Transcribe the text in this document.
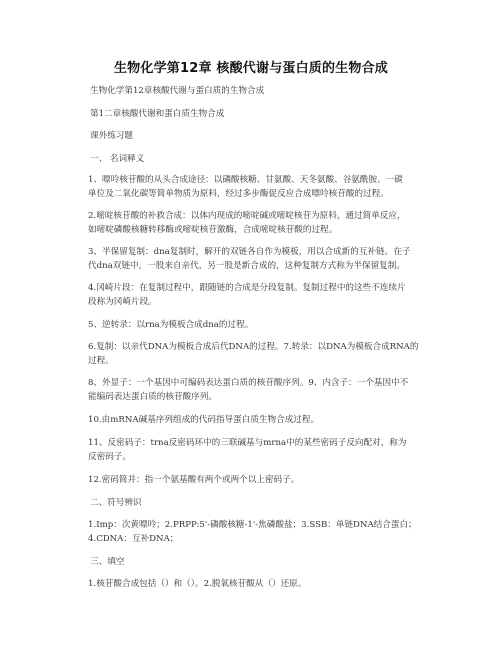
生物化学第12章 核酸代谢与蛋白质的生物合成

生物化学第12章核酸代谢与蛋白质的生物合成

第1二章核酸代谢和蛋白质生物合成

课外练习题

一、 名词释义

1、嘌呤核苷酸的从头合成途径：以磷酸核糖、甘氨酸、天冬氨酸、谷氨酰胺、一碳

单位及二氧化碳等简单物质为原料，经过多步酶促反应合成嘌呤核苷酸的过程。

2.嘧啶核苷酸的补救合成：以体内现成的嘧啶碱或嘧啶核苷为原料，通过简单反应，

如嘧啶磷酸核糖转移酶或嘧啶核苷激酶，合成嘧啶核苷酸的过程。

3、半保留复制：dna复制时，解开的双链各自作为模板，用以合成新的互补链。在子

代dna双链中，一股来自亲代，另一股是新合成的，这种复制方式称为半保留复制。

4.冈崎片段：在复制过程中，跟随链的合成是分段复制。复制过程中的这些不连续片

段称为冈崎片段。

5、逆转录：以rna为模板合成dna的过程。

6.复制：以亲代DNA为模板合成后代DNA的过程。7.转录：以DNA为模板合成RNA的

过程。

8、外显子：一个基因中可编码表达蛋白质的核苷酸序列。9、内含子：一个基因中不

能编码表达蛋白质的核苷酸序列。

10.由mRNA碱基序列组成的代码指导蛋白质生物合成过程。

11、反密码子：trna反密码环中的三联碱基与mrna中的某些密码子反向配对，称为

反密码子。

12.密码简并：指一个氨基酸有两个或两个以上密码子。

二、符号辨识

1.Imp：次黄嘌呤；2.PRPP:5'-磷酸核糖-1'-焦磷酸盐；3.SSB：单链DNA结合蛋白；

4.CDNA：互补DNA；

三、填空

1.核苷酸合成包括（）和（）。2.脱氧核苷酸从（）还原。
